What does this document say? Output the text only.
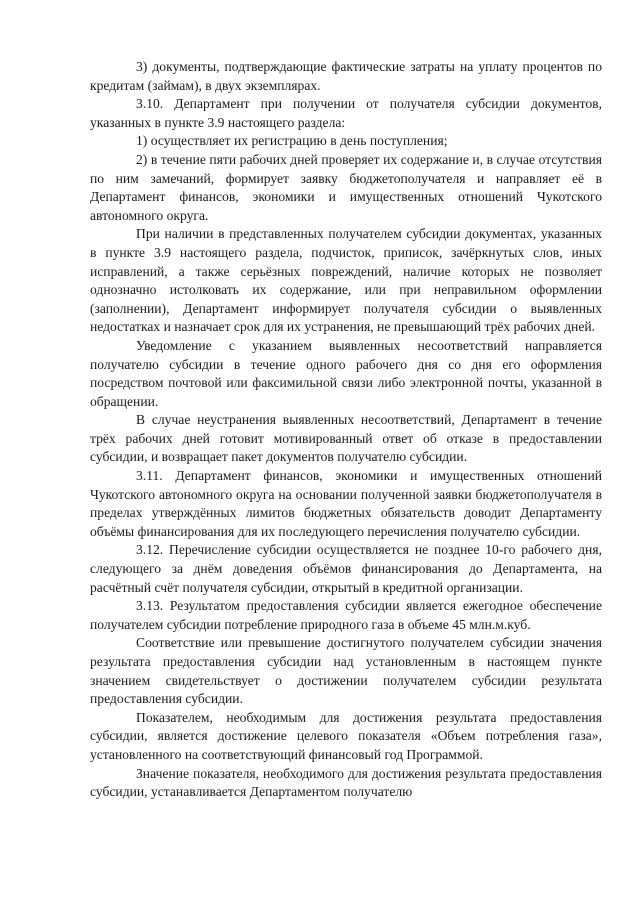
3) документы, подтверждающие фактические затраты на уплату процентов по кредитам (займам), в двух экземплярах.

3.10. Департамент при получении от получателя субсидии документов, указанных в пункте 3.9 настоящего раздела:

1) осуществляет их регистрацию в день поступления;

2) в течение пяти рабочих дней проверяет их содержание и, в случае отсутствия по ним замечаний, формирует заявку бюджетополучателя и направляет её в Департамент финансов, экономики и имущественных отношений Чукотского автономного округа.

При наличии в представленных получателем субсидии документах, указанных в пункте 3.9 настоящего раздела, подчисток, приписок, зачёркнутых слов, иных исправлений, а также серьёзных повреждений, наличие которых не позволяет однозначно истолковать их содержание, или при неправильном оформлении (заполнении), Департамент информирует получателя субсидии о выявленных недостатках и назначает срок для их устранения, не превышающий трёх рабочих дней.

Уведомление с указанием выявленных несоответствий направляется получателю субсидии в течение одного рабочего дня со дня его оформления посредством почтовой или факсимильной связи либо электронной почты, указанной в обращении.

В случае неустранения выявленных несоответствий, Департамент в течение трёх рабочих дней готовит мотивированный ответ об отказе в предоставлении субсидии, и возвращает пакет документов получателю субсидии.

3.11. Департамент финансов, экономики и имущественных отношений Чукотского автономного округа на основании полученной заявки бюджетополучателя в пределах утверждённых лимитов бюджетных обязательств доводит Департаменту объёмы финансирования для их последующего перечисления получателю субсидии.

3.12. Перечисление субсидии осуществляется не позднее 10-го рабочего дня, следующего за днём доведения объёмов финансирования до Департамента, на расчётный счёт получателя субсидии, открытый в кредитной организации.

3.13. Результатом предоставления субсидии является ежегодное обеспечение получателем субсидии потребление природного газа в объеме 45 млн.м.куб.

Соответствие или превышение достигнутого получателем субсидии значения результата предоставления субсидии над установленным в настоящем пункте значением свидетельствует о достижении получателем субсидии результата предоставления субсидии.

Показателем, необходимым для достижения результата предоставления субсидии, является достижение целевого показателя «Объем потребления газа», установленного на соответствующий финансовый год Программой.

Значение показателя, необходимого для достижения результата предоставления субсидии, устанавливается Департаментом получателю
